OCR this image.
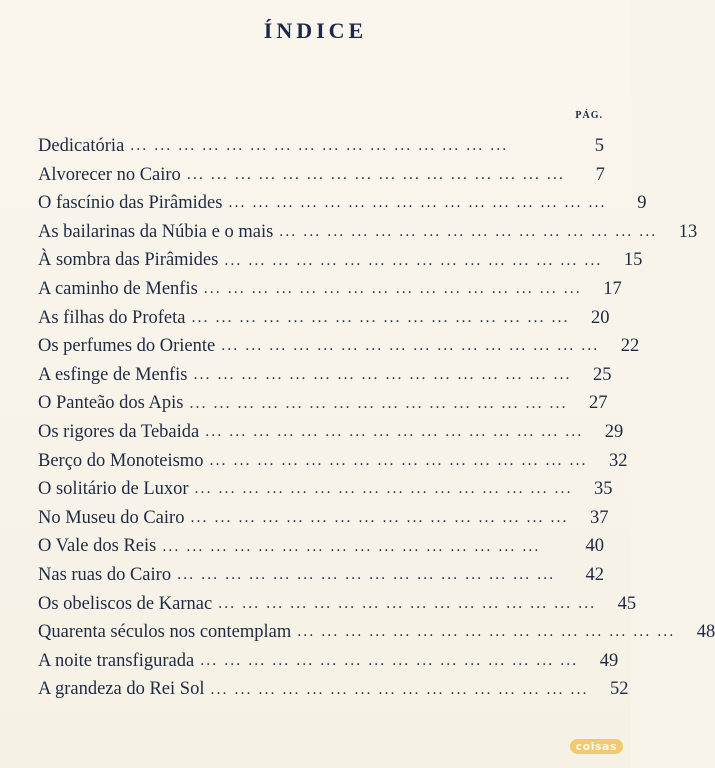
ÍNDICE
PÁG.
Dedicatória ... ... ... ... ... ... ... ... ... ... ... ... ... ... ... ...	5
Alvorecer no Cairo ... ... ... ... ... ... ... ... ... ... ... ... ... ... ... ...	7
O fascínio das Pirâmides ... ... ... ... ... ... ... ... ... ... ... ... ... ... ... ...	9
As bailarinas da Núbia e o mais ... ... ... ... ... ... ... ... ... ... ... ... ... ... ... ...	13
À sombra das Pirâmides ... ... ... ... ... ... ... ... ... ... ... ... ... ... ... ...	15
A caminho de Menfis ... ... ... ... ... ... ... ... ... ... ... ... ... ... ... ...	17
As filhas do Profeta ... ... ... ... ... ... ... ... ... ... ... ... ... ... ... ...	20
Os perfumes do Oriente ... ... ... ... ... ... ... ... ... ... ... ... ... ... ... ...	22
A esfinge de Menfis ... ... ... ... ... ... ... ... ... ... ... ... ... ... ... ...	25
O Panteão dos Apis ... ... ... ... ... ... ... ... ... ... ... ... ... ... ... ...	27
Os rigores da Tebaida ... ... ... ... ... ... ... ... ... ... ... ... ... ... ... ...	29
Berço do Monoteismo ... ... ... ... ... ... ... ... ... ... ... ... ... ... ... ...	32
O solitário de Luxor ... ... ... ... ... ... ... ... ... ... ... ... ... ... ... ...	35
No Museu do Cairo ... ... ... ... ... ... ... ... ... ... ... ... ... ... ... ...	37
O Vale dos Reis ... ... ... ... ... ... ... ... ... ... ... ... ... ... ... ...	40
Nas ruas do Cairo ... ... ... ... ... ... ... ... ... ... ... ... ... ... ... ...	42
Os obeliscos de Karnac ... ... ... ... ... ... ... ... ... ... ... ... ... ... ... ...	45
Quarenta séculos nos contemplam ... ... ... ... ... ... ... ... ... ... ... ... ... ... ... ...	48
A noite transfigurada ... ... ... ... ... ... ... ... ... ... ... ... ... ... ... ...	49
A grandeza do Rei Sol ... ... ... ... ... ... ... ... ... ... ... ... ... ... ... ...	52
coisas
